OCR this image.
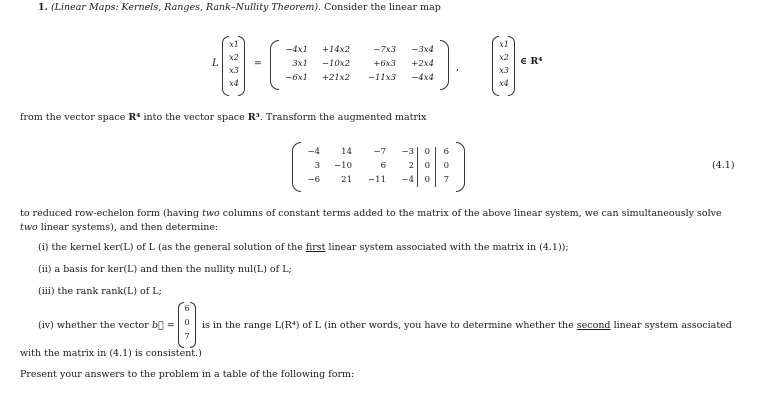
1. (Linear Maps: Kernels, Ranges, Rank–Nullity Theorem). Consider the linear map
L
x1
x2
x3
x4
=
−4x1	+14x2	−7x3	−3x4
3x1	−10x2	+6x3	+2x4
−6x1	+21x2	−11x3	−4x4
,
x1
x2
x3
x4
∈ R⁴
from the vector space R⁴ into the vector space R³. Transform the augmented matrix
−4	14	−7	−3	0	6
3	−10	6	2	0	0
−6	21	−11	−4	0	7
(4.1)
to reduced row-echelon form (having two columns of constant terms added to the matrix of the above linear system, we can simultaneously solve
two linear systems), and then determine:
(i) the kernel ker(L) of L (as the general solution of the first linear system associated with the matrix in (4.1));
(ii) a basis for ker(L) and then the nullity nul(L) of L;
(iii) the rank rank(L) of L;
(iv) whether the vector b⃗ =
6
0
7
is in the range L(R⁴) of L (in other words, you have to determine whether the second linear system associated
with the matrix in (4.1) is consistent.)
Present your answers to the problem in a table of the following form:
